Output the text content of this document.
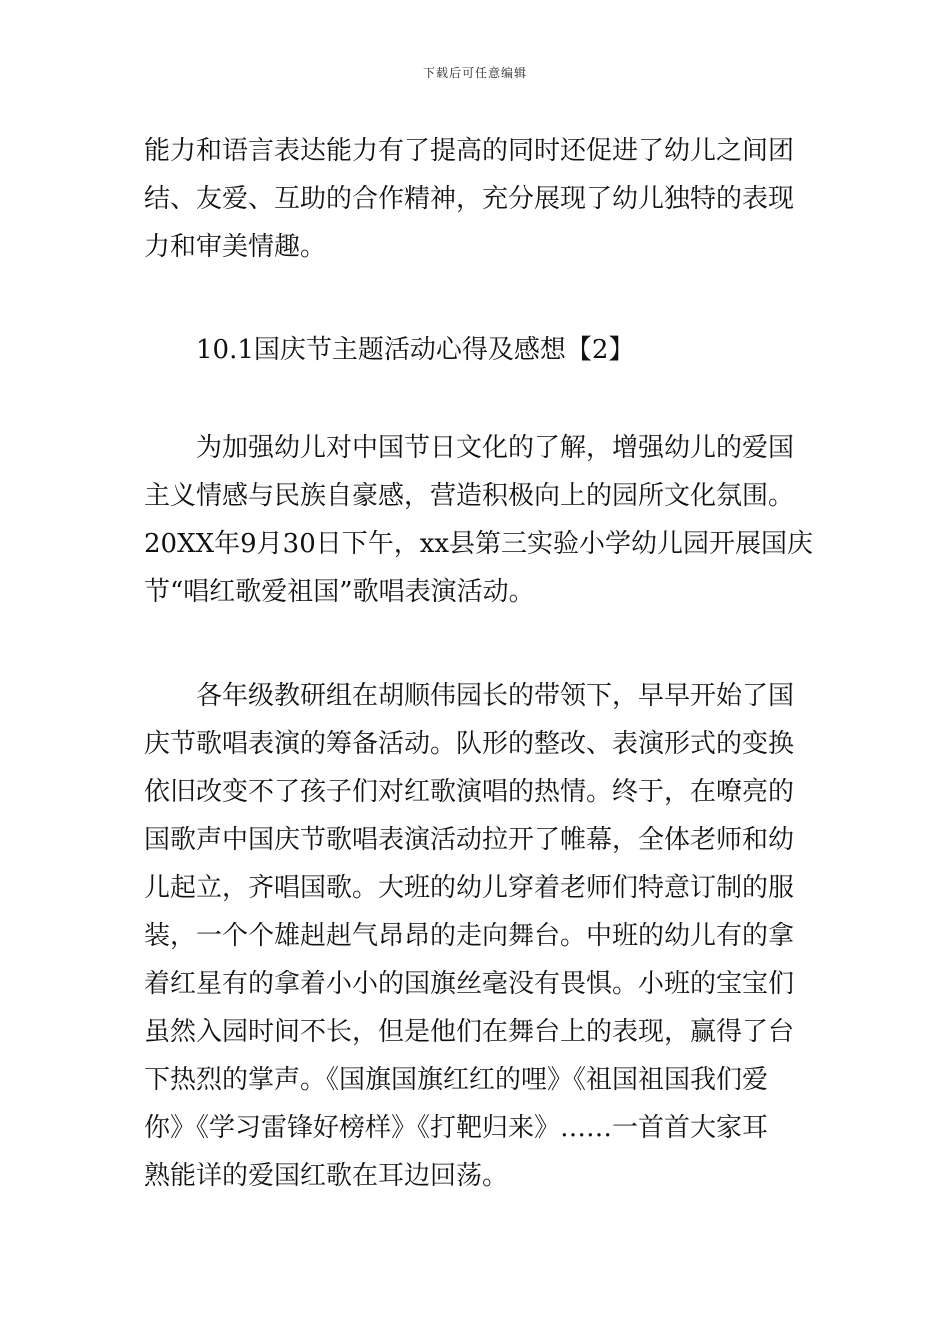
下载后可任意编辑
能力和语言表达能力有了提高的同时还促进了幼儿之间团
结、友爱、互助的合作精神，充分展现了幼儿独特的表现
力和审美情趣。
10.1国庆节主题活动心得及感想【2】
为加强幼儿对中国节日文化的了解，增强幼儿的爱国
主义情感与民族自豪感，营造积极向上的园所文化氛围。
20XX年9月30日下午，xx县第三实验小学幼儿园开展国庆
节“唱红歌爱祖国”歌唱表演活动。
各年级教研组在胡顺伟园长的带领下，早早开始了国
庆节歌唱表演的筹备活动。队形的整改、表演形式的变换
依旧改变不了孩子们对红歌演唱的热情。终于，在嘹亮的
国歌声中国庆节歌唱表演活动拉开了帷幕，全体老师和幼
儿起立，齐唱国歌。大班的幼儿穿着老师们特意订制的服
装，一个个雄赳赳气昂昂的走向舞台。中班的幼儿有的拿
着红星有的拿着小小的国旗丝毫没有畏惧。小班的宝宝们
虽然入园时间不长，但是他们在舞台上的表现，赢得了台
下热烈的掌声。《国旗国旗红红的哩》《祖国祖国我们爱
你》《学习雷锋好榜样》《打靶归来》……一首首大家耳
熟能详的爱国红歌在耳边回荡。
